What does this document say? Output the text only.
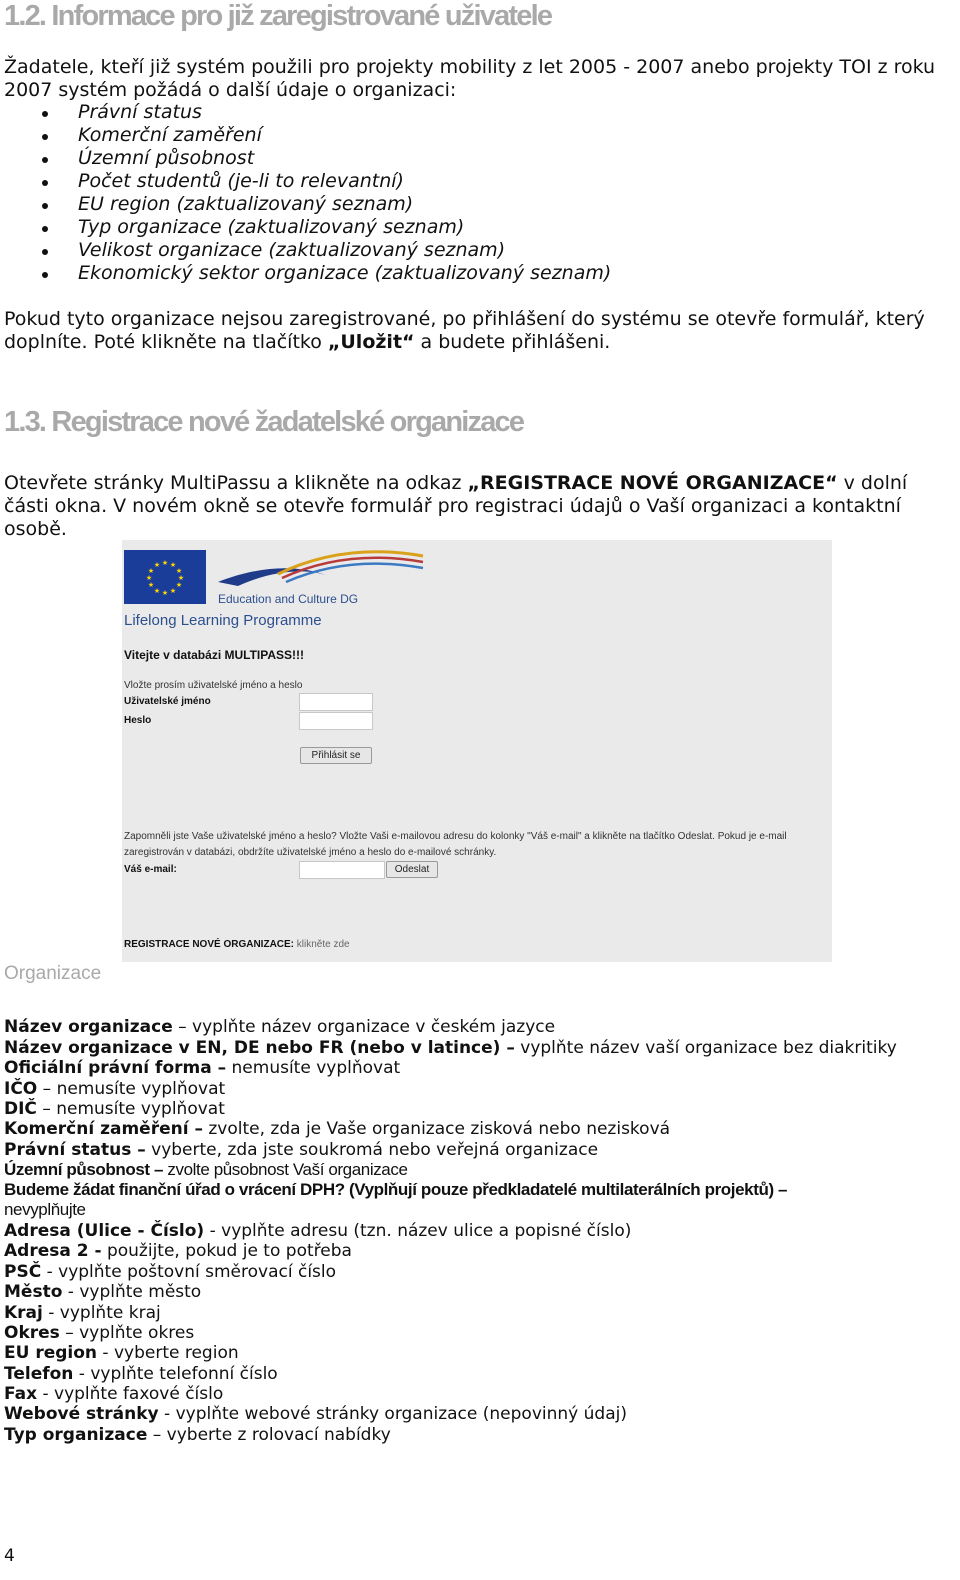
1.2. Informace pro již zaregistrované uživatele

Žadatele, kteří již systém použili pro projekty mobility z let 2005 - 2007 anebo projekty TOI z roku 2007 systém požádá o další údaje o organizaci:

Právní status
Komerční zaměření
Územní působnost
Počet studentů (je-li to relevantní)
EU region (zaktualizovaný seznam)
Typ organizace (zaktualizovaný seznam)
Velikost organizace (zaktualizovaný seznam)
Ekonomický sektor organizace (zaktualizovaný seznam)

Pokud tyto organizace nejsou zaregistrované, po přihlášení do systému se otevře formulář, který doplníte. Poté klikněte na tlačítko „Uložit“ a budete přihlášeni.

1.3. Registrace nové žadatelské organizace

Otevřete stránky MultiPassu a klikněte na odkaz „REGISTRACE NOVÉ ORGANIZACE“ v dolní části okna. V novém okně se otevře formulář pro registraci údajů o Vaší organizaci a kontaktní osobě.

★ ★
★
★
★
★
★
★
★
★
★
★
Education and Culture DG
Lifelong Learning Programme
Vitejte v databázi MULTIPASS!!!
Vložte prosím uživatelské jméno a heslo
Uživatelské jméno
Heslo
Přihlásit se
Zapomněli jste Vaše uživatelské jméno a heslo? Vložte Vaši e-mailovou adresu do kolonky "Váš e-mail" a klikněte na tlačítko Odeslat. Pokud je e-mail
zaregistrován v databázi, obdržíte uživatelské jméno a heslo do e-mailové schránky.
Váš e-mail:	Odeslat
REGISTRACE NOVÉ ORGANIZACE: klikněte zde
Organizace
Název organizace – vyplňte název organizace v českém jazyce
Název organizace v EN, DE nebo FR (nebo v latince) – vyplňte název vaší organizace bez diakritiky
Oficiální právní forma – nemusíte vyplňovat
IČO – nemusíte vyplňovat
DIČ – nemusíte vyplňovat
Komerční zaměření – zvolte, zda je Vaše organizace zisková nebo nezisková
Právní status – vyberte, zda jste soukromá nebo veřejná organizace
Územní působnost – zvolte působnost Vaší organizace
Budeme žádat finanční úřad o vrácení DPH? (Vyplňují pouze předkladatelé multilaterálních projektů) –
nevyplňujte
Adresa (Ulice - Číslo) - vyplňte adresu (tzn. název ulice a popisné číslo)
Adresa 2 - použijte, pokud je to potřeba
PSČ - vyplňte poštovní směrovací číslo
Město - vyplňte město
Kraj - vyplňte kraj
Okres – vyplňte okres
EU region - vyberte region
Telefon - vyplňte telefonní číslo
Fax - vyplňte faxové číslo
Webové stránky - vyplňte webové stránky organizace (nepovinný údaj)
Typ organizace – vyberte z rolovací nabídky
4
